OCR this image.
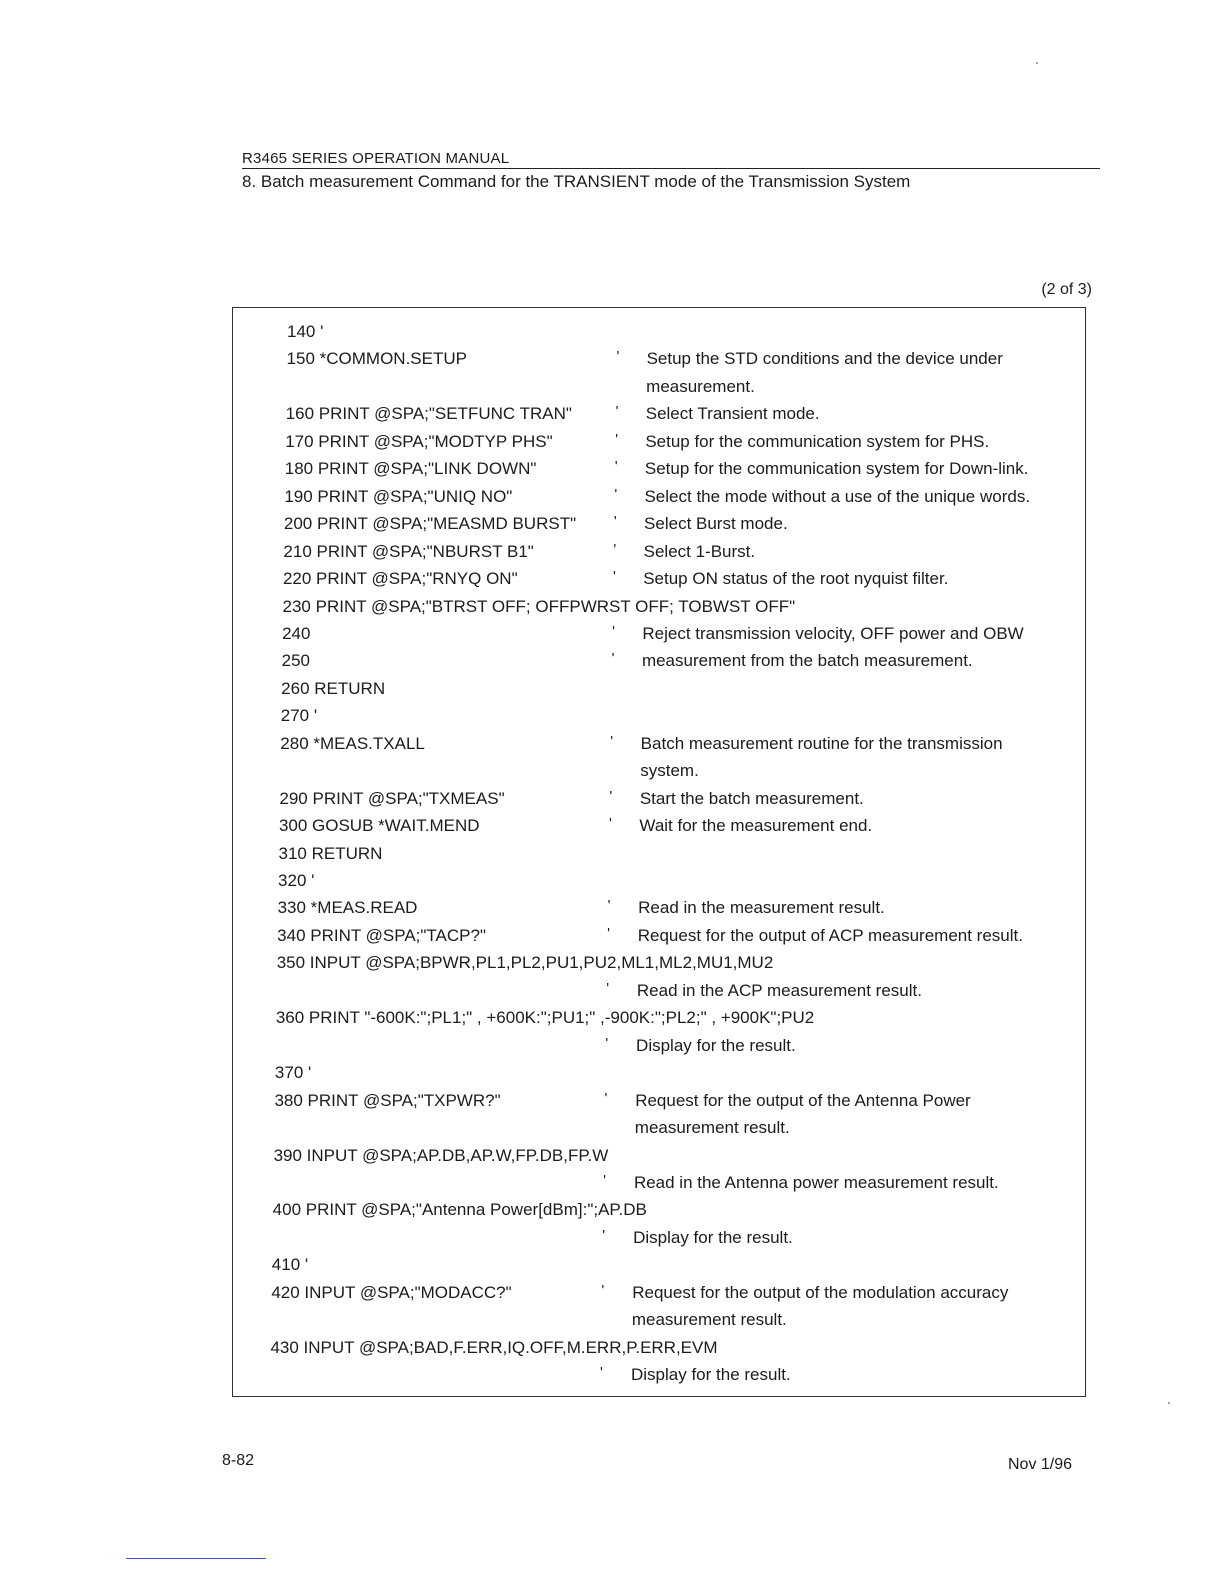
R3465 SERIES OPERATION MANUAL
8. Batch measurement Command for the TRANSIENT mode of the Transmission System
(2 of 3)
140 '
150 *COMMON.SETUP	' Setup the STD conditions and the device under
measurement.
160 PRINT @SPA;"SETFUNC TRAN"	' Select Transient mode.
170 PRINT @SPA;"MODTYP PHS"	' Setup for the communication system for PHS.
180 PRINT @SPA;"LINK DOWN"	' Setup for the communication system for Down-link.
190 PRINT @SPA;"UNIQ NO"	' Select the mode without a use of the unique words.
200 PRINT @SPA;"MEASMD BURST"	' Select Burst mode.
210 PRINT @SPA;"NBURST B1"	' Select 1-Burst.
220 PRINT @SPA;"RNYQ ON"	' Setup ON status of the root nyquist filter.
230 PRINT @SPA;"BTRST OFF; OFFPWRST OFF; TOBWST OFF"
240	' Reject transmission velocity, OFF power and OBW
250	' measurement from the batch measurement.
260 RETURN
270 '
280 *MEAS.TXALL	' Batch measurement routine for the transmission
system.
290 PRINT @SPA;"TXMEAS"	' Start the batch measurement.
300 GOSUB *WAIT.MEND	' Wait for the measurement end.
310 RETURN
320 '
330 *MEAS.READ	' Read in the measurement result.
340 PRINT @SPA;"TACP?"	' Request for the output of ACP measurement result.
350 INPUT @SPA;BPWR,PL1,PL2,PU1,PU2,ML1,ML2,MU1,MU2
' Read in the ACP measurement result.
360 PRINT "-600K:";PL1;" , +600K:";PU1;" ,-900K:";PL2;" , +900K";PU2
' Display for the result.
370 '
380 PRINT @SPA;"TXPWR?"	' Request for the output of the Antenna Power
measurement result.
390 INPUT @SPA;AP.DB,AP.W,FP.DB,FP.W
' Read in the Antenna power measurement result.
400 PRINT @SPA;"Antenna Power[dBm]:";AP.DB
' Display for the result.
410 '
420 INPUT @SPA;"MODACC?"	' Request for the output of the modulation accuracy
measurement result.
430 INPUT @SPA;BAD,F.ERR,IQ.OFF,M.ERR,P.ERR,EVM
' Display for the result.
8-82	Nov 1/96
